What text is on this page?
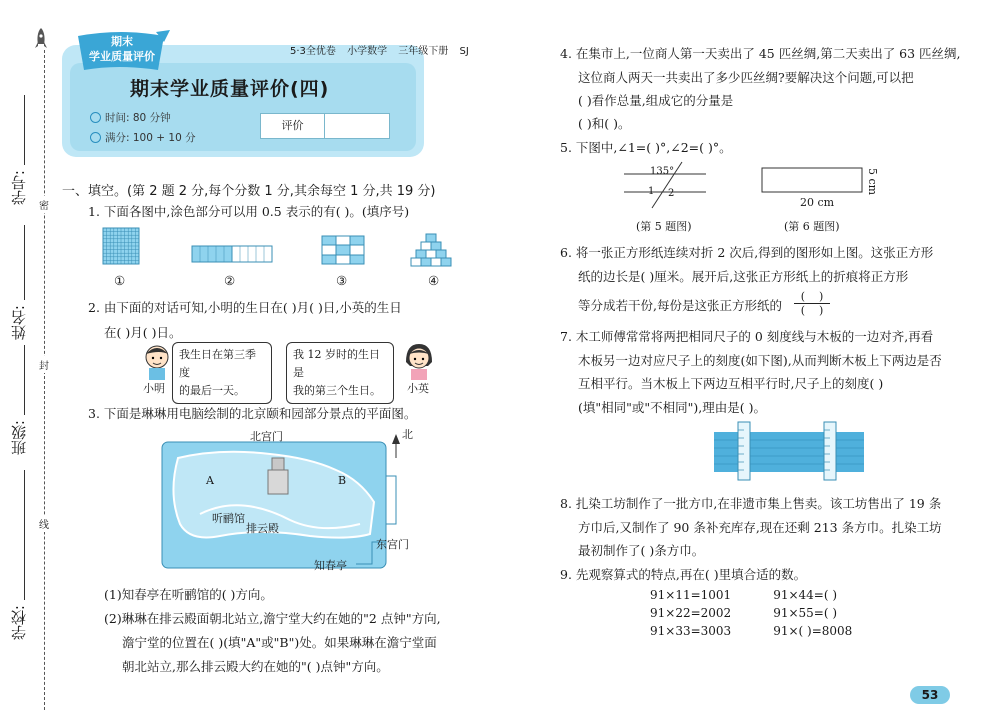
学号:
姓名:
班级:
学校:
密
封
线
期末
学业质量评价	5·3全优卷 小学数学 三年级下册 SJ
期末学业质量评价(四)
时间: 80 分钟
满分: 100 + 10 分
评价
一、填空。(第 2 题 2 分,每个分数 1 分,其余每空 1 分,共 19 分)
1. 下面各图中,涂色部分可以用 0.5 表示的有( )。(填序号)
①	②	③	④
2. 由下面的对话可知,小明的生日在( )月( )日,小英的生日
在( )月( )日。
小明
我生日在第三季度
的最后一天。
我 12 岁时的生日是
我的第三个生日。	小英
3. 下面是琳琳用电脑绘制的北京颐和园部分景点的平面图。
北宫门	北
A	B
听鹂馆
排云殿
东宫门
知春亭
(1)知春亭在听鹂馆的( )方向。
(2)琳琳在排云殿面朝北站立,澹宁堂大约在她的"2 点钟"方向,
澹宁堂的位置在( )(填"A"或"B")处。如果琳琳在澹宁堂面
朝北站立,那么排云殿大约在她的"( )点钟"方向。
4. 在集市上,一位商人第一天卖出了 45 匹丝绸,第二天卖出了 63 匹丝绸,
这位商人两天一共卖出了多少匹丝绸?要解决这个问题,可以把
( )看作总量,组成它的分量是
( )和( )。
5. 下图中,∠1=( )°,∠2=( )°。
135°
1 2
(第 5 题图)
20 cm
5 cm
(第 6 题图)
6. 将一张正方形纸连续对折 2 次后,得到的图形如上图。这张正方形
纸的边长是( )厘米。展开后,这张正方形纸上的折痕将正方形
等分成若干份,每份是这张正方形纸的
(    )
(    )
7. 木工师傅常常将两把相同尺子的 0 刻度线与木板的一边对齐,再看
木板另一边对应尺子上的刻度(如下图),从而判断木板上下两边是否
互相平行。当木板上下两边互相平行时,尺子上的刻度( )
(填"相同"或"不相同"),理由是( )。
8. 扎染工坊制作了一批方巾,在非遗市集上售卖。该工坊售出了 19 条
方巾后,又制作了 90 条补充库存,现在还剩 213 条方巾。扎染工坊
最初制作了( )条方巾。
9. 先观察算式的特点,再在( )里填合适的数。
91×11=1001		91×44=( )
91×22=2002		91×55=( )
91×33=3003		91×( )=8008
53
